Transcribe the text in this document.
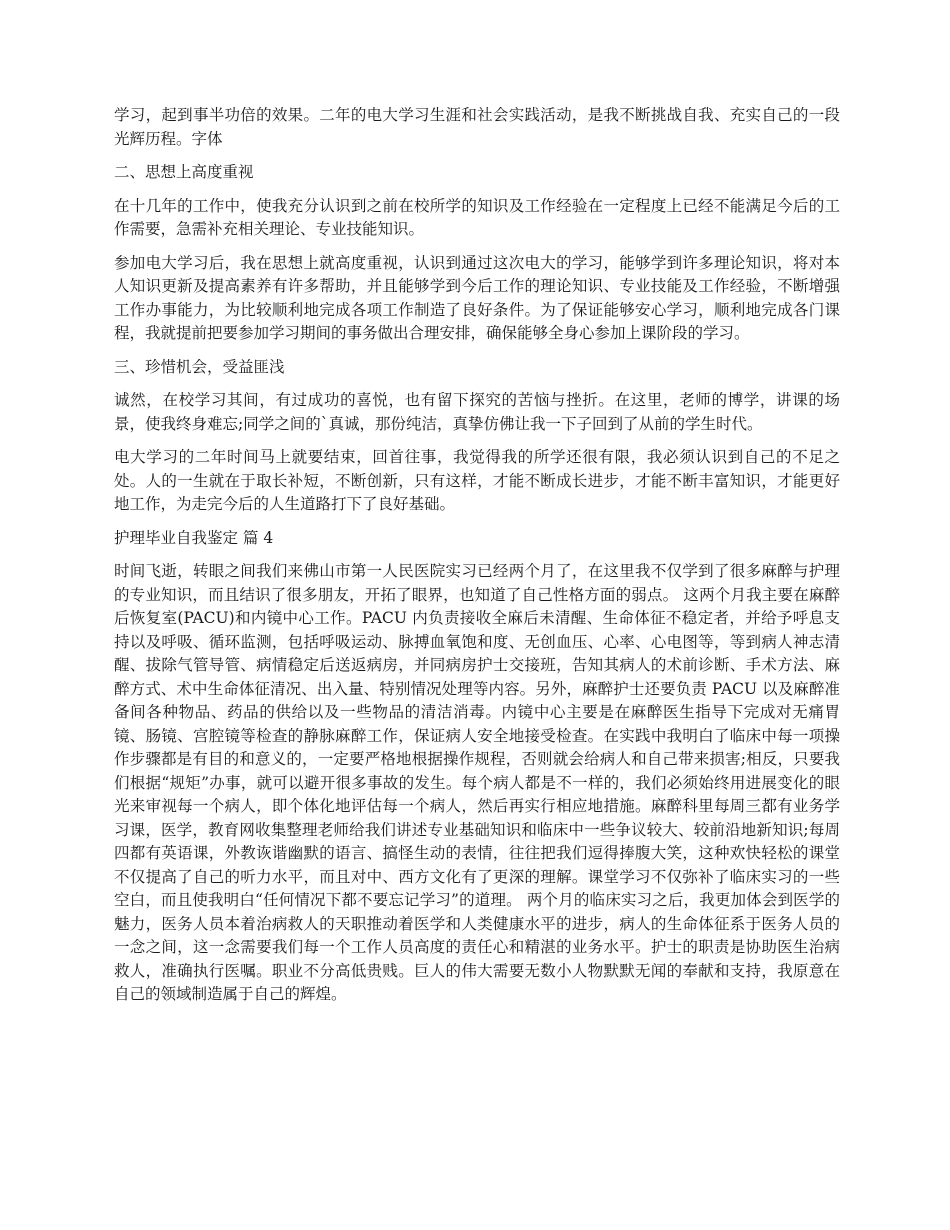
学习，起到事半功倍的效果。二年的电大学习生涯和社会实践活动，是我不断挑战自我、充实自己的一段光辉历程。字体

二、思想上高度重视

在十几年的工作中，使我充分认识到之前在校所学的知识及工作经验在一定程度上已经不能满足今后的工作需要，急需补充相关理论、专业技能知识。

参加电大学习后，我在思想上就高度重视，认识到通过这次电大的学习，能够学到许多理论知识，将对本人知识更新及提高素养有许多帮助，并且能够学到今后工作的理论知识、专业技能及工作经验，不断增强工作办事能力，为比较顺利地完成各项工作制造了良好条件。为了保证能够安心学习，顺利地完成各门课程，我就提前把要参加学习期间的事务做出合理安排，确保能够全身心参加上课阶段的学习。

三、珍惜机会，受益匪浅

诚然，在校学习其间，有过成功的喜悦，也有留下探究的苦恼与挫折。在这里，老师的博学，讲课的场景，使我终身难忘;同学之间的`真诚，那份纯洁，真挚仿佛让我一下子回到了从前的学生时代。

电大学习的二年时间马上就要结束，回首往事，我觉得我的所学还很有限，我必须认识到自己的不足之处。人的一生就在于取长补短，不断创新，只有这样，才能不断成长进步，才能不断丰富知识，才能更好地工作，为走完今后的人生道路打下了良好基础。

护理毕业自我鉴定 篇 4

时间飞逝，转眼之间我们来佛山市第一人民医院实习已经两个月了，在这里我不仅学到了很多麻醉与护理的专业知识，而且结识了很多朋友，开拓了眼界，也知道了自己性格方面的弱点。 这两个月我主要在麻醉后恢复室(PACU)和内镜中心工作。PACU 内负责接收全麻后未清醒、生命体征不稳定者，并给予呼息支持以及呼吸、循环监测，包括呼吸运动、脉搏血氧饱和度、无创血压、心率、心电图等，等到病人神志清醒、拔除气管导管、病情稳定后送返病房，并同病房护士交接班，告知其病人的术前诊断、手术方法、麻醉方式、术中生命体征清况、出入量、特别情况处理等内容。另外，麻醉护士还要负责 PACU 以及麻醉准备间各种物品、药品的供给以及一些物品的清洁消毒。内镜中心主要是在麻醉医生指导下完成对无痛胃镜、肠镜、宫腔镜等检查的静脉麻醉工作，保证病人安全地接受检查。在实践中我明白了临床中每一项操作步骤都是有目的和意义的，一定要严格地根据操作规程，否则就会给病人和自己带来损害;相反，只要我们根据“规矩”办事，就可以避开很多事故的发生。每个病人都是不一样的，我们必须始终用进展变化的眼光来审视每一个病人，即个体化地评估每一个病人，然后再实行相应地措施。麻醉科里每周三都有业务学习课，医学，教育网收集整理老师给我们讲述专业基础知识和临床中一些争议较大、较前沿地新知识;每周四都有英语课，外教诙谐幽默的语言、搞怪生动的表情，往往把我们逗得捧腹大笑，这种欢快轻松的课堂不仅提高了自己的听力水平，而且对中、西方文化有了更深的理解。课堂学习不仅弥补了临床实习的一些空白，而且使我明白“任何情况下都不要忘记学习”的道理。 两个月的临床实习之后，我更加体会到医学的魅力，医务人员本着治病救人的天职推动着医学和人类健康水平的进步，病人的生命体征系于医务人员的一念之间，这一念需要我们每一个工作人员高度的责任心和精湛的业务水平。护士的职责是协助医生治病救人，准确执行医嘱。职业不分高低贵贱。巨人的伟大需要无数小人物默默无闻的奉献和支持，我原意在自己的领域制造属于自己的辉煌。
